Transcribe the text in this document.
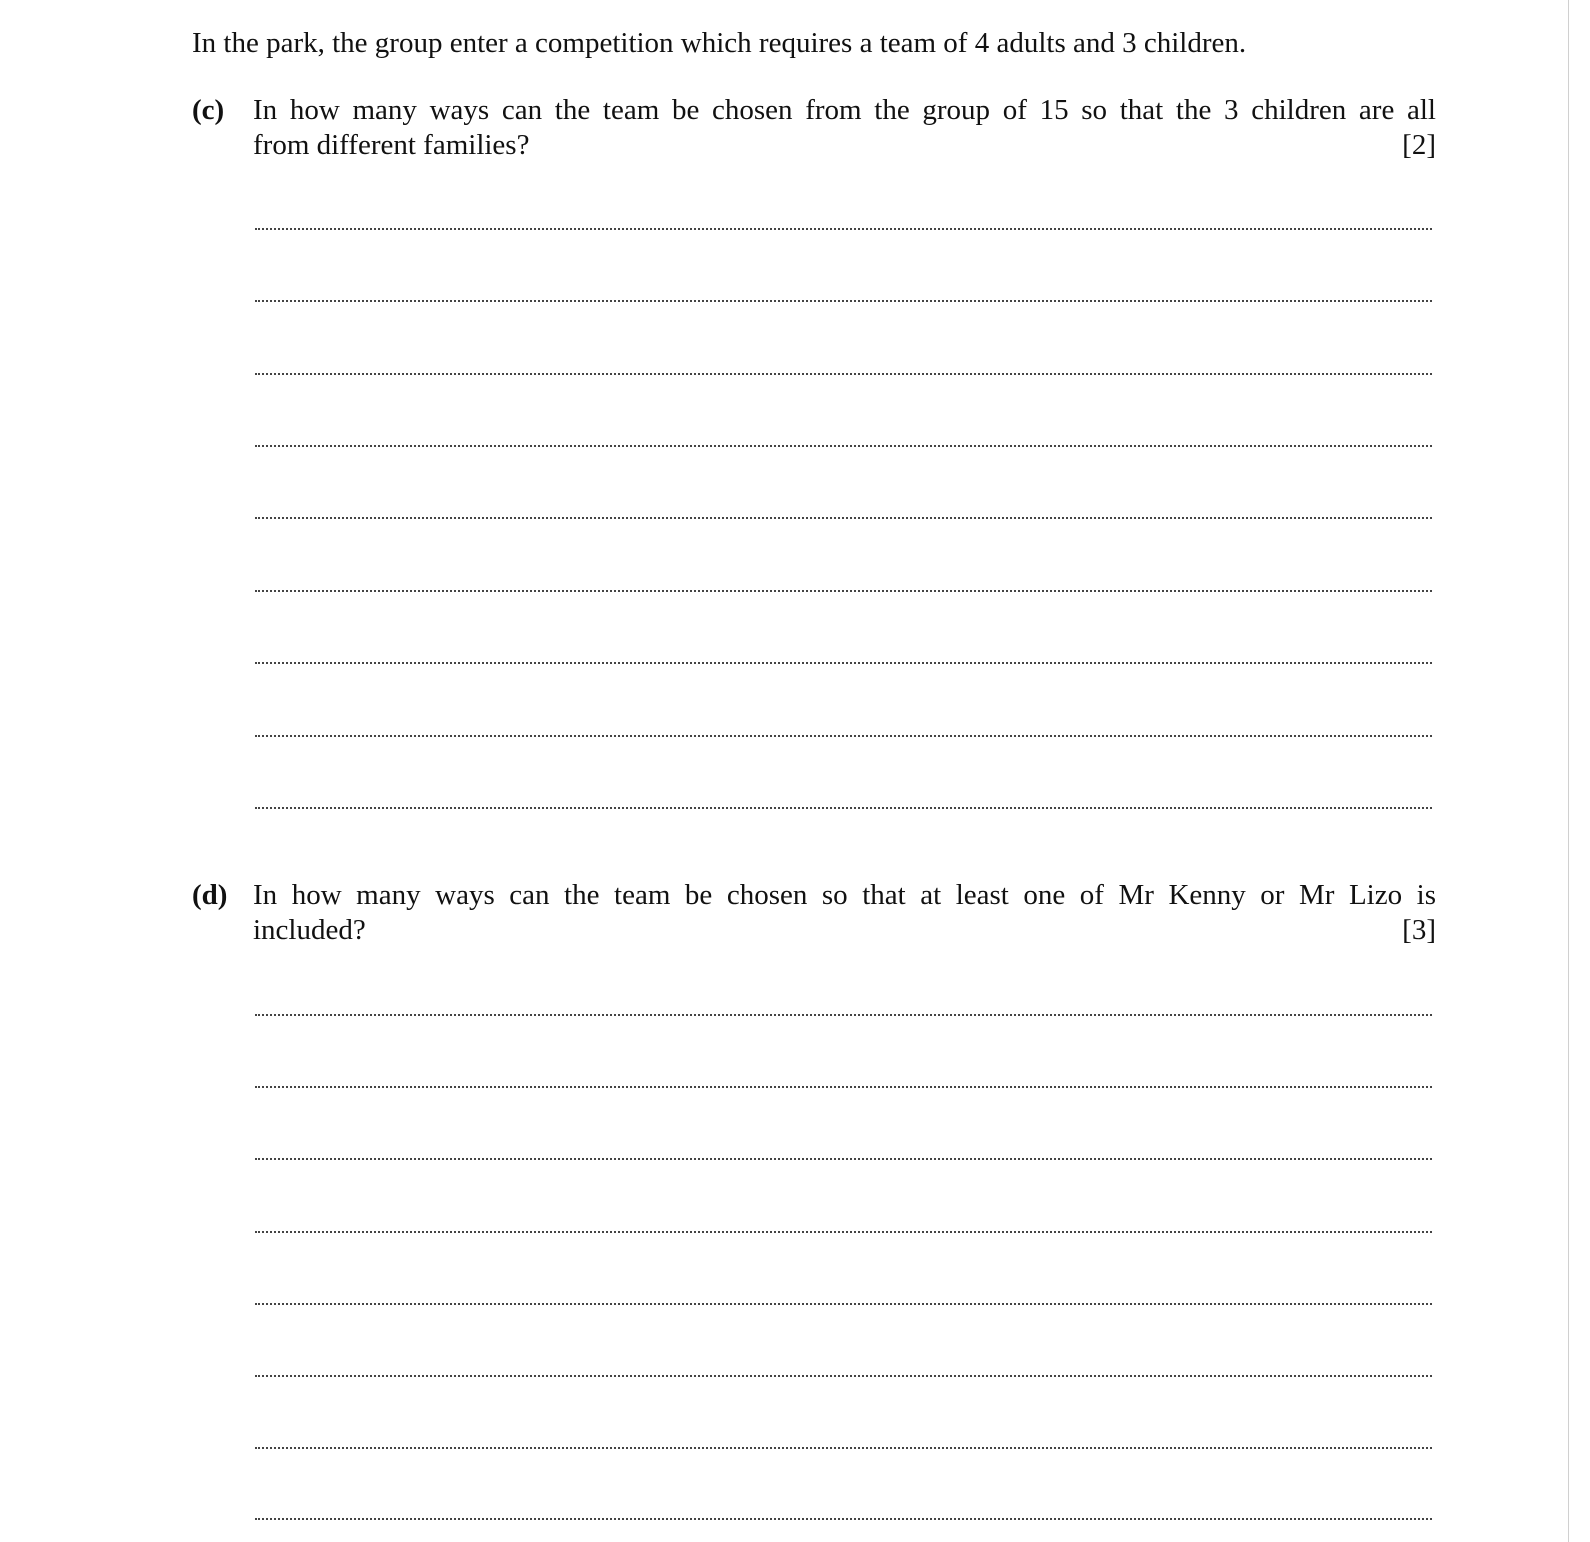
In the park, the group enter a competition which requires a team of 4 adults and 3 children.
(c) In how many ways can the team be chosen from the group of 15 so that the 3 children are all
from different families?	[2]
(d) In how many ways can the team be chosen so that at least one of Mr Kenny or Mr Lizo is
included?	[3]
